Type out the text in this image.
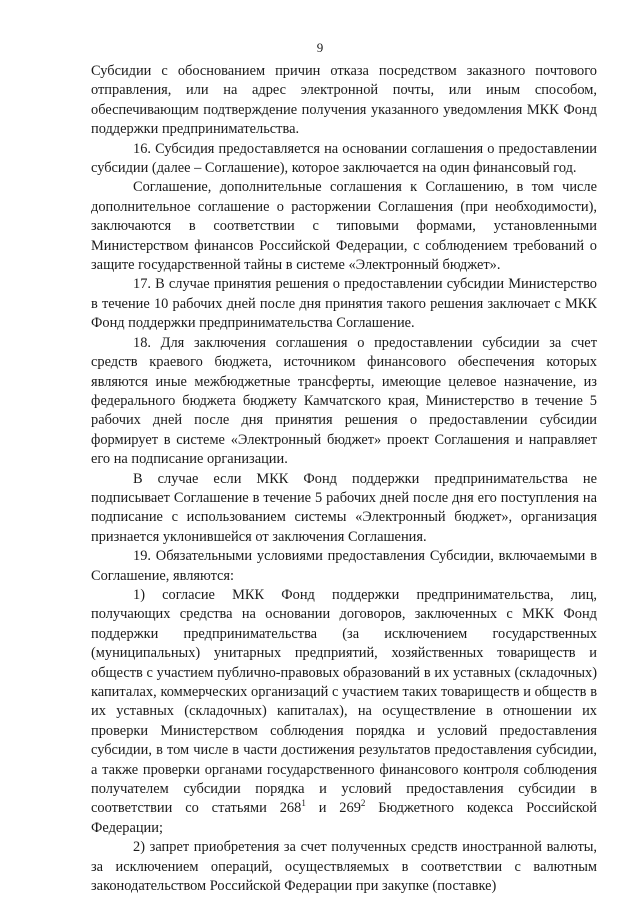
9

Субсидии с обоснованием причин отказа посредством заказного почтового отправления, или на адрес электронной почты, или иным способом, обеспечивающим подтверждение получения указанного уведомления МКК Фонд поддержки предпринимательства.

16. Субсидия предоставляется на основании соглашения о предоставлении субсидии (далее – Соглашение), которое заключается на один финансовый год.

Соглашение, дополнительные соглашения к Соглашению, в том числе дополнительное соглашение о расторжении Соглашения (при необходимости), заключаются в соответствии с типовыми формами, установленными Министерством финансов Российской Федерации, с соблюдением требований о защите государственной тайны в системе «Электронный бюджет».

17. В случае принятия решения о предоставлении субсидии Министерство в течение 10 рабочих дней после дня принятия такого решения заключает с МКК Фонд поддержки предпринимательства Соглашение.

18. Для заключения соглашения о предоставлении субсидии за счет средств краевого бюджета, источником финансового обеспечения которых являются иные межбюджетные трансферты, имеющие целевое назначение, из федерального бюджета бюджету Камчатского края, Министерство в течение 5 рабочих дней после дня принятия решения о предоставлении субсидии формирует в системе «Электронный бюджет» проект Соглашения и направляет его на подписание организации.

В случае если МКК Фонд поддержки предпринимательства не подписывает Соглашение в течение 5 рабочих дней после дня его поступления на подписание с использованием системы «Электронный бюджет», организация признается уклонившейся от заключения Соглашения.

19. Обязательными условиями предоставления Субсидии, включаемыми в Соглашение, являются:

1) согласие МКК Фонд поддержки предпринимательства, лиц, получающих средства на основании договоров, заключенных с МКК Фонд поддержки предпринимательства (за исключением государственных (муниципальных) унитарных предприятий, хозяйственных товариществ и обществ с участием публично-правовых образований в их уставных (складочных) капиталах, коммерческих организаций с участием таких товариществ и обществ в их уставных (складочных) капиталах), на осуществление в отношении их проверки Министерством соблюдения порядка и условий предоставления субсидии, в том числе в части достижения результатов предоставления субсидии, а также проверки органами государственного финансового контроля соблюдения получателем субсидии порядка и условий предоставления субсидии в соответствии со статьями $268^1$ и $269^2$ Бюджетного кодекса Российской Федерации;

2) запрет приобретения за счет полученных средств иностранной валюты, за исключением операций, осуществляемых в соответствии с валютным законодательством Российской Федерации при закупке (поставке)
